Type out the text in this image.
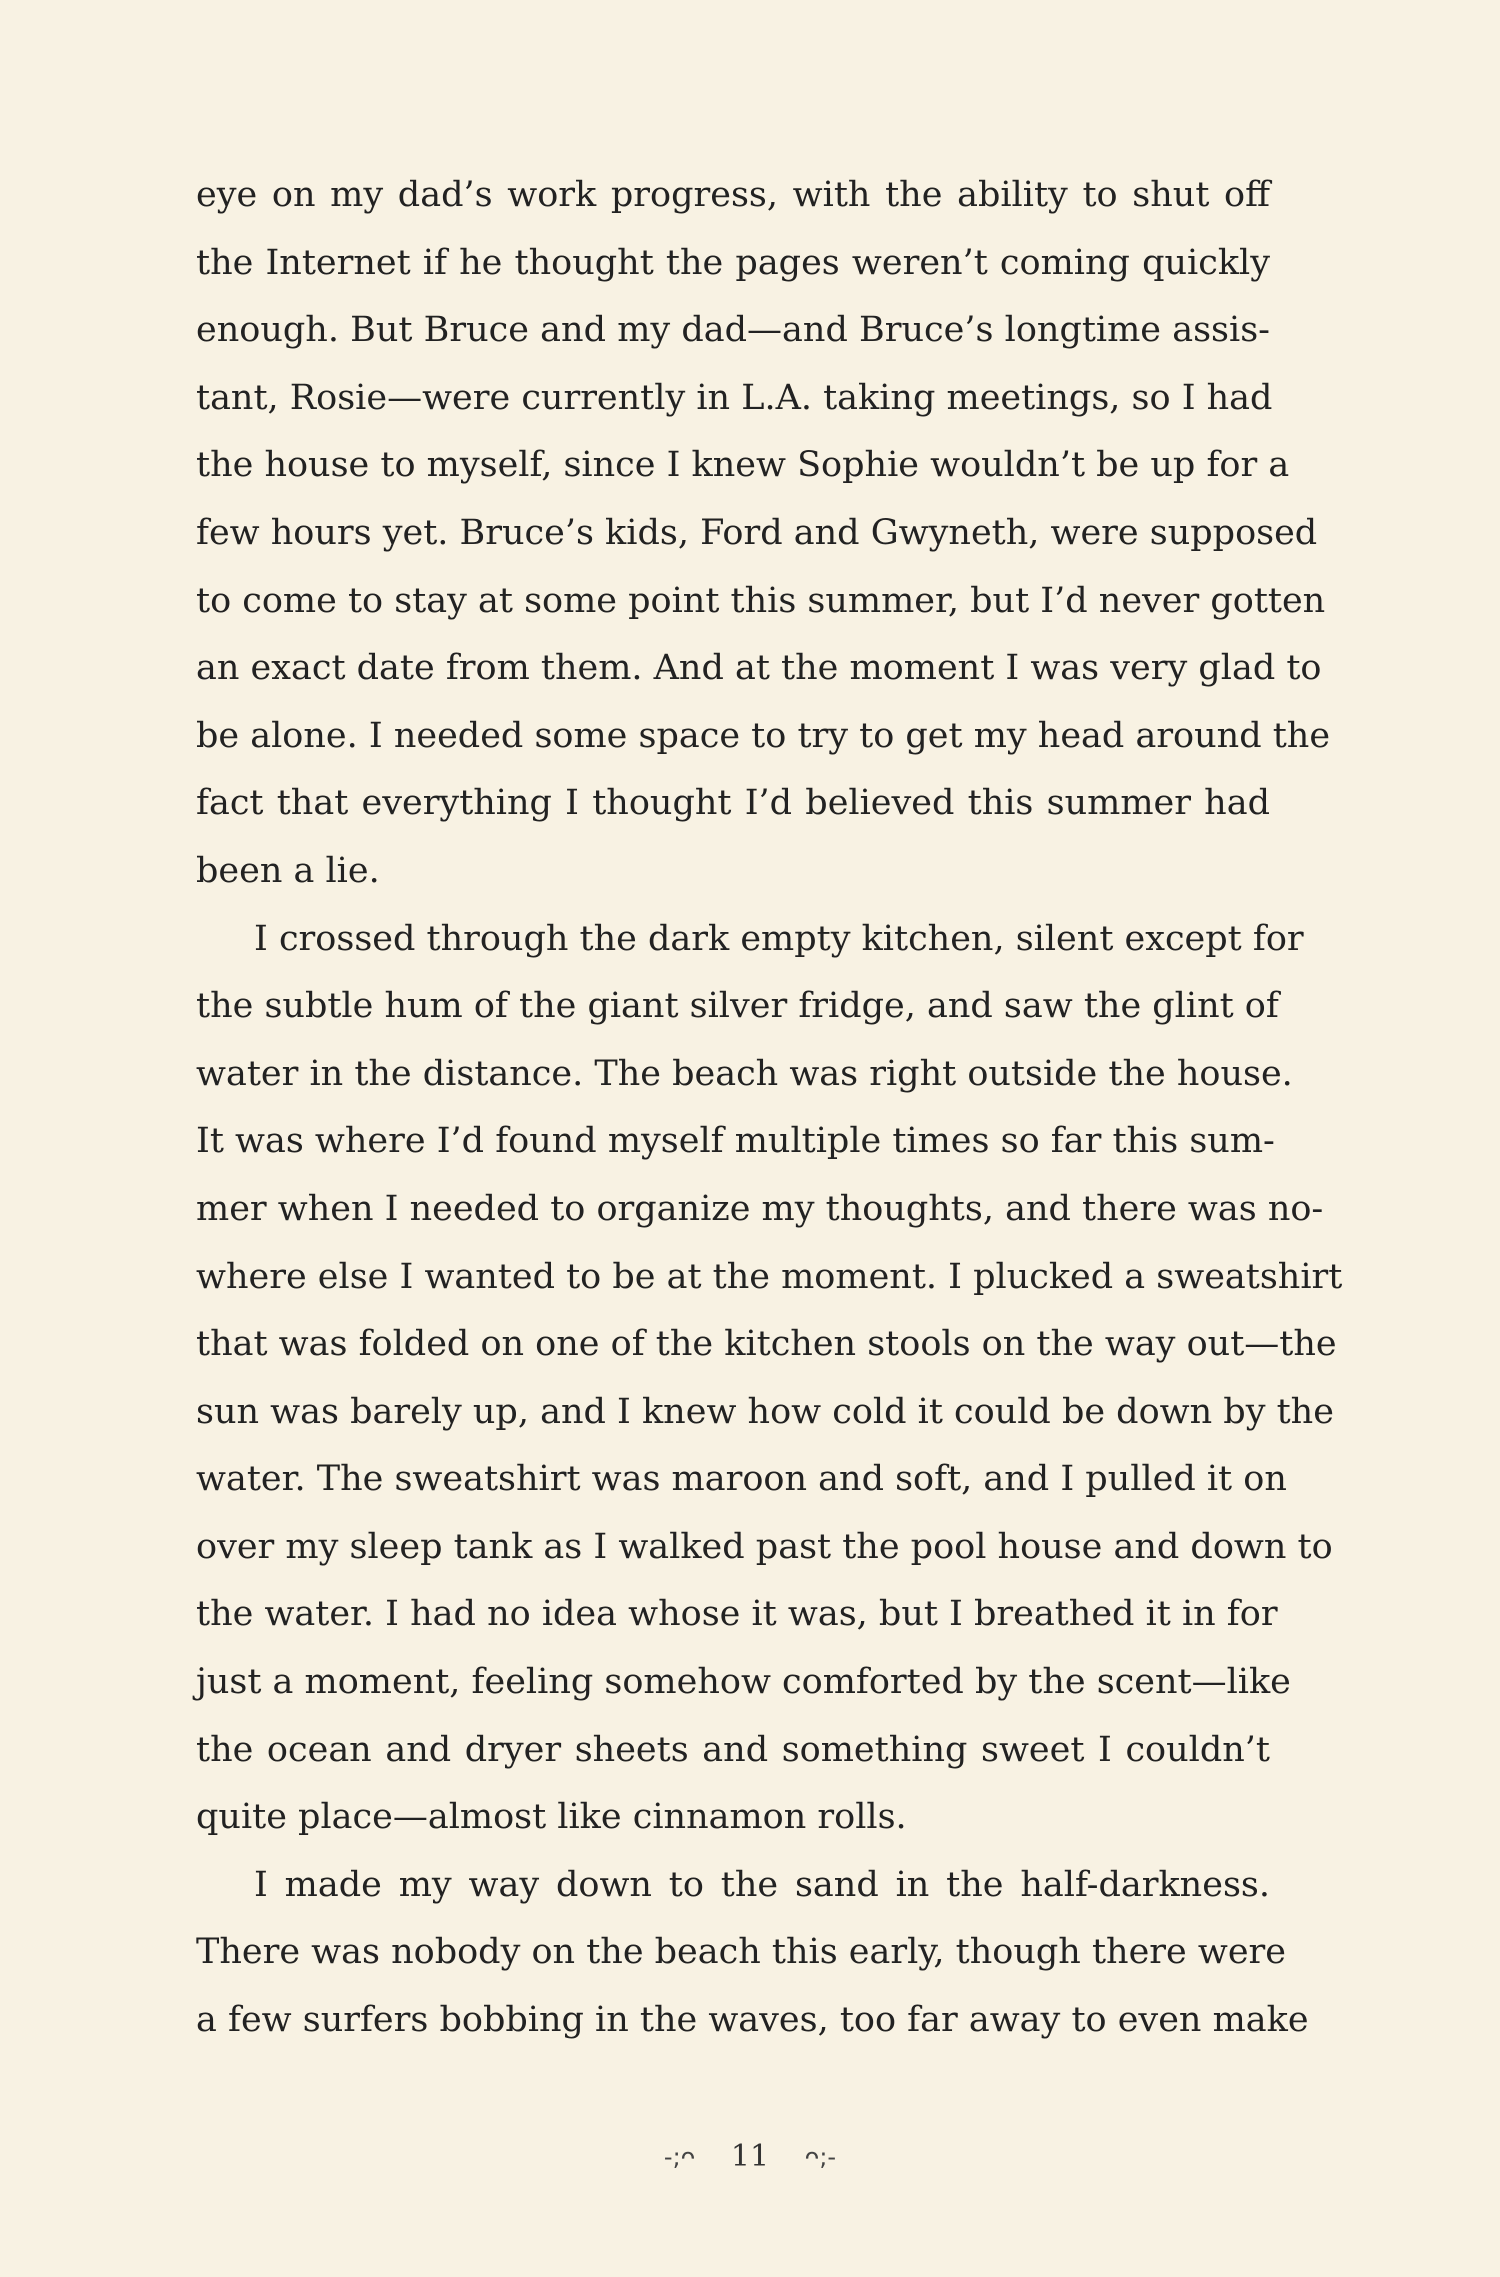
eye on my dad’s work progress, with the ability to shut off

the Internet if he thought the pages weren’t coming quickly

enough. But Bruce and my dad—and Bruce’s longtime assis-

tant, Rosie—were currently in L.A. taking meetings, so I had

the house to myself, since I knew Sophie wouldn’t be up for a

few hours yet. Bruce’s kids, Ford and Gwyneth, were supposed

to come to stay at some point this summer, but I’d never gotten

an exact date from them. And at the moment I was very glad to

be alone. I needed some space to try to get my head around the

fact that everything I thought I’d believed this summer had

been a lie.

I crossed through the dark empty kitchen, silent except for

the subtle hum of the giant silver fridge, and saw the glint of

water in the distance. The beach was right outside the house.

It was where I’d found myself multiple times so far this sum-

mer when I needed to organize my thoughts, and there was no-

where else I wanted to be at the moment. I plucked a sweatshirt

that was folded on one of the kitchen stools on the way out—the

sun was barely up, and I knew how cold it could be down by the

water. The sweatshirt was maroon and soft, and I pulled it on

over my sleep tank as I walked past the pool house and down to

the water. I had no idea whose it was, but I breathed it in for

just a moment, feeling somehow comforted by the scent—like

the ocean and dryer sheets and something sweet I couldn’t

quite place—almost like cinnamon rolls.

I made my way down to the sand in the half-darkness.

There was nobody on the beach this early, though there were

a few surfers bobbing in the waves, too far away to even make

-;ᴖ 11 ᴖ;-
